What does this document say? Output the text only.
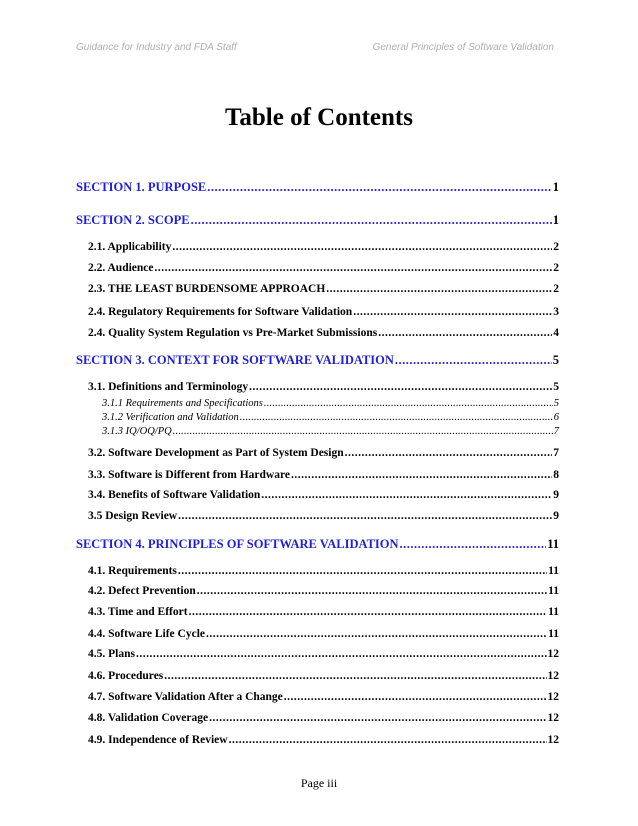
Guidance for Industry and FDA Staff	General Principles of Software Validation
Table of Contents
SECTION 1. PURPOSE .....	1
SECTION 2. SCOPE .....	1
2.1. Applicability .....	2
2.2. Audience .....	2
2.3. THE LEAST BURDENSOME APPROACH .....	2
2.4. Regulatory Requirements for Software Validation .....	3
2.4. Quality System Regulation vs Pre-Market Submissions .....	4
SECTION 3. CONTEXT FOR SOFTWARE VALIDATION .....	5
3.1. Definitions and Terminology .....	5
3.1.1 Requirements and Specifications .....	5
3.1.2 Verification and Validation .....	6
3.1.3 IQ/OQ/PQ .....	7
3.2. Software Development as Part of System Design .....	7
3.3. Software is Different from Hardware .....	8
3.4. Benefits of Software Validation .....	9
3.5 Design Review .....	9
SECTION 4. PRINCIPLES OF SOFTWARE VALIDATION .....	11
4.1. Requirements .....	11
4.2. Defect Prevention .....	11
4.3. Time and Effort .....	11
4.4. Software Life Cycle .....	11
4.5. Plans .....	12
4.6. Procedures .....	12
4.7. Software Validation After a Change .....	12
4.8. Validation Coverage .....	12
4.9. Independence of Review .....	12
Page iii
